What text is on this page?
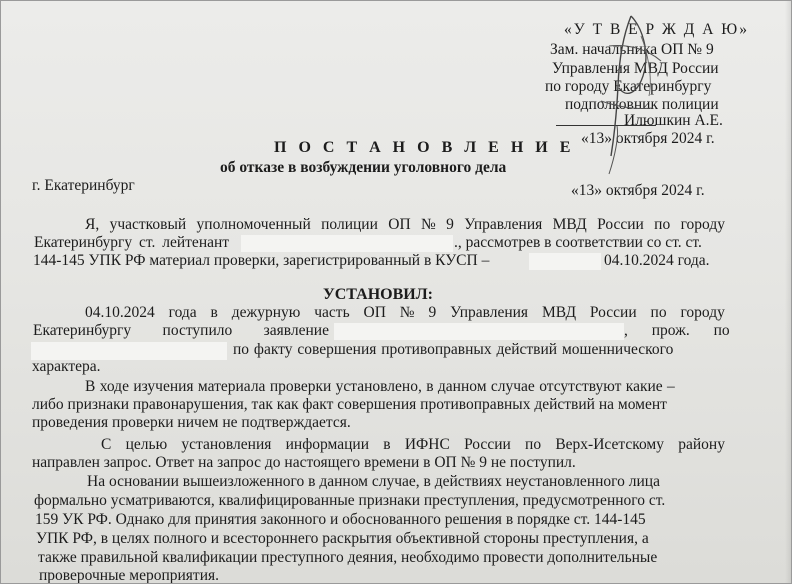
«У Т В Е Р Ж Д А Ю»
Зам. начальника ОП № 9
Управления МВД России
по городу Екатеринбургу
подполковник полиции
Илюшкин А.Е.
«13» октября 2024 г.
П О С Т А Н О В Л Е Н И Е
об отказе в возбуждении уголовного дела
г. Екатеринбург	«13» октября 2024 г.
Я, участковый уполномоченный полиции ОП № 9 Управления МВД России по городу
Екатеринбургу ст. лейтенант	., рассмотрев в соответствии со ст. ст.
144-145 УПК РФ материал проверки, зарегистрированный в КУСП –	04.10.2024 года.
УСТАНОВИЛ:
04.10.2024 года в дежурную часть ОП № 9 Управления МВД России по городу
Екатеринбургу поступило заявление	, прож. по
по факту совершения противоправных действий мошеннического
характера.
В ходе изучения материала проверки установлено, в данном случае отсутствуют какие –
либо признаки правонарушения, так как факт совершения противоправных действий на момент
проведения проверки ничем не подтверждается.
С целью установления информации в ИФНС России по Верх-Исетскому району
направлен запрос. Ответ на запрос до настоящего времени в ОП № 9 не поступил.
На основании вышеизложенного в данном случае, в действиях неустановленного лица
формально усматриваются, квалифицированные признаки преступления, предусмотренного ст.
159 УК РФ. Однако для принятия законного и обоснованного решения в порядке ст. 144-145
УПК РФ, в целях полного и всестороннего раскрытия объективной стороны преступления, а
также правильной квалификации преступного деяния, необходимо провести дополнительные
проверочные мероприятия.
